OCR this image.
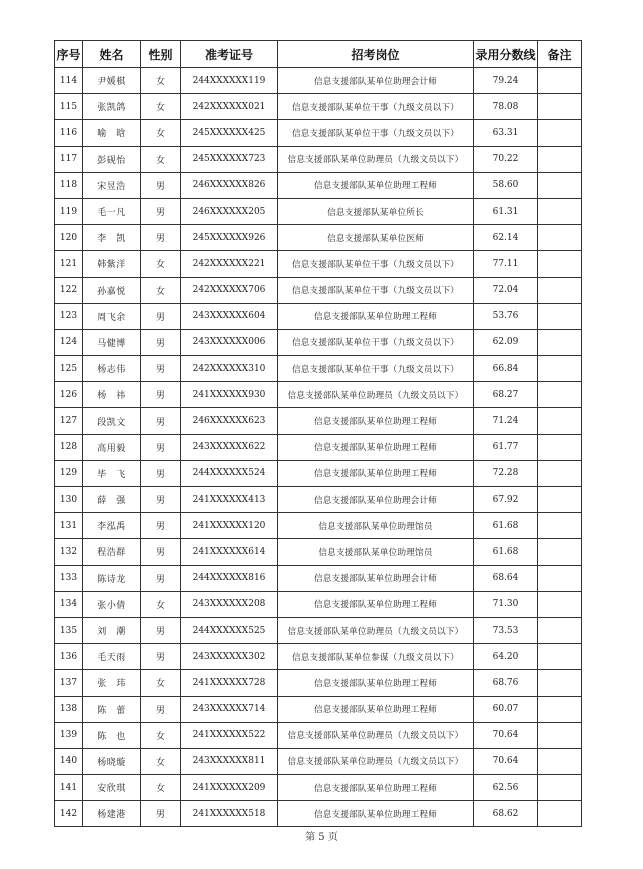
序号	姓名	性别	准考证号	招考岗位	录用分数线	备注
114	尹媛棋	女	244XXXXXX119	信息支援部队某单位助理会计师	79.24	
115	张凯鸽	女	242XXXXXX021	信息支援部队某单位干事（九级文员以下）	78.08	
116	喻　晗	女	245XXXXXX425	信息支援部队某单位干事（九级文员以下）	63.31	
117	彭砚怡	女	245XXXXXX723	信息支援部队某单位助理员（九级文员以下）	70.22	
118	宋昱浩	男	246XXXXXX826	信息支援部队某单位助理工程师	58.60	
119	毛一凡	男	246XXXXXX205	信息支援部队某单位所长	61.31	
120	李　凯	男	245XXXXXX926	信息支援部队某单位医师	62.14	
121	韩紫洋	女	242XXXXXX221	信息支援部队某单位干事（九级文员以下）	77.11	
122	孙嘉悦	女	242XXXXXX706	信息支援部队某单位干事（九级文员以下）	72.04	
123	周飞余	男	243XXXXXX604	信息支援部队某单位助理工程师	53.76	
124	马健博	男	243XXXXXX006	信息支援部队某单位干事（九级文员以下）	62.09	
125	杨志伟	男	242XXXXXX310	信息支援部队某单位干事（九级文员以下）	66.84	
126	杨　祎	男	241XXXXXX930	信息支援部队某单位助理员（九级文员以下）	68.27	
127	段凯文	男	246XXXXXX623	信息支援部队某单位助理工程师	71.24	
128	高用毅	男	243XXXXXX622	信息支援部队某单位助理工程师	61.77	
129	毕　飞	男	244XXXXXX524	信息支援部队某单位助理工程师	72.28	
130	薛　强	男	241XXXXXX413	信息支援部队某单位助理会计师	67.92	
131	李泓禹	男	241XXXXXX120	信息支援部队某单位助理馆员	61.68	
132	程浩群	男	241XXXXXX614	信息支援部队某单位助理馆员	61.68	
133	陈诗龙	男	244XXXXXX816	信息支援部队某单位助理会计师	68.64	
134	张小倩	女	243XXXXXX208	信息支援部队某单位助理工程师	71.30	
135	刘　潮	男	244XXXXXX525	信息支援部队某单位助理员（九级文员以下）	73.53	
136	毛天雨	男	243XXXXXX302	信息支援部队某单位参谋（九级文员以下）	64.20	
137	张　玮	女	241XXXXXX728	信息支援部队某单位助理工程师	68.76	
138	陈　蕾	男	243XXXXXX714	信息支援部队某单位助理工程师	60.07	
139	陈　也	女	241XXXXXX522	信息支援部队某单位助理员（九级文员以下）	70.64	
140	杨晓璇	女	243XXXXXX811	信息支援部队某单位助理员（九级文员以下）	70.64	
141	安欣琪	女	241XXXXXX209	信息支援部队某单位助理工程师	62.56	
142	杨建港	男	241XXXXXX518	信息支援部队某单位助理工程师	68.62	
第 5 页
